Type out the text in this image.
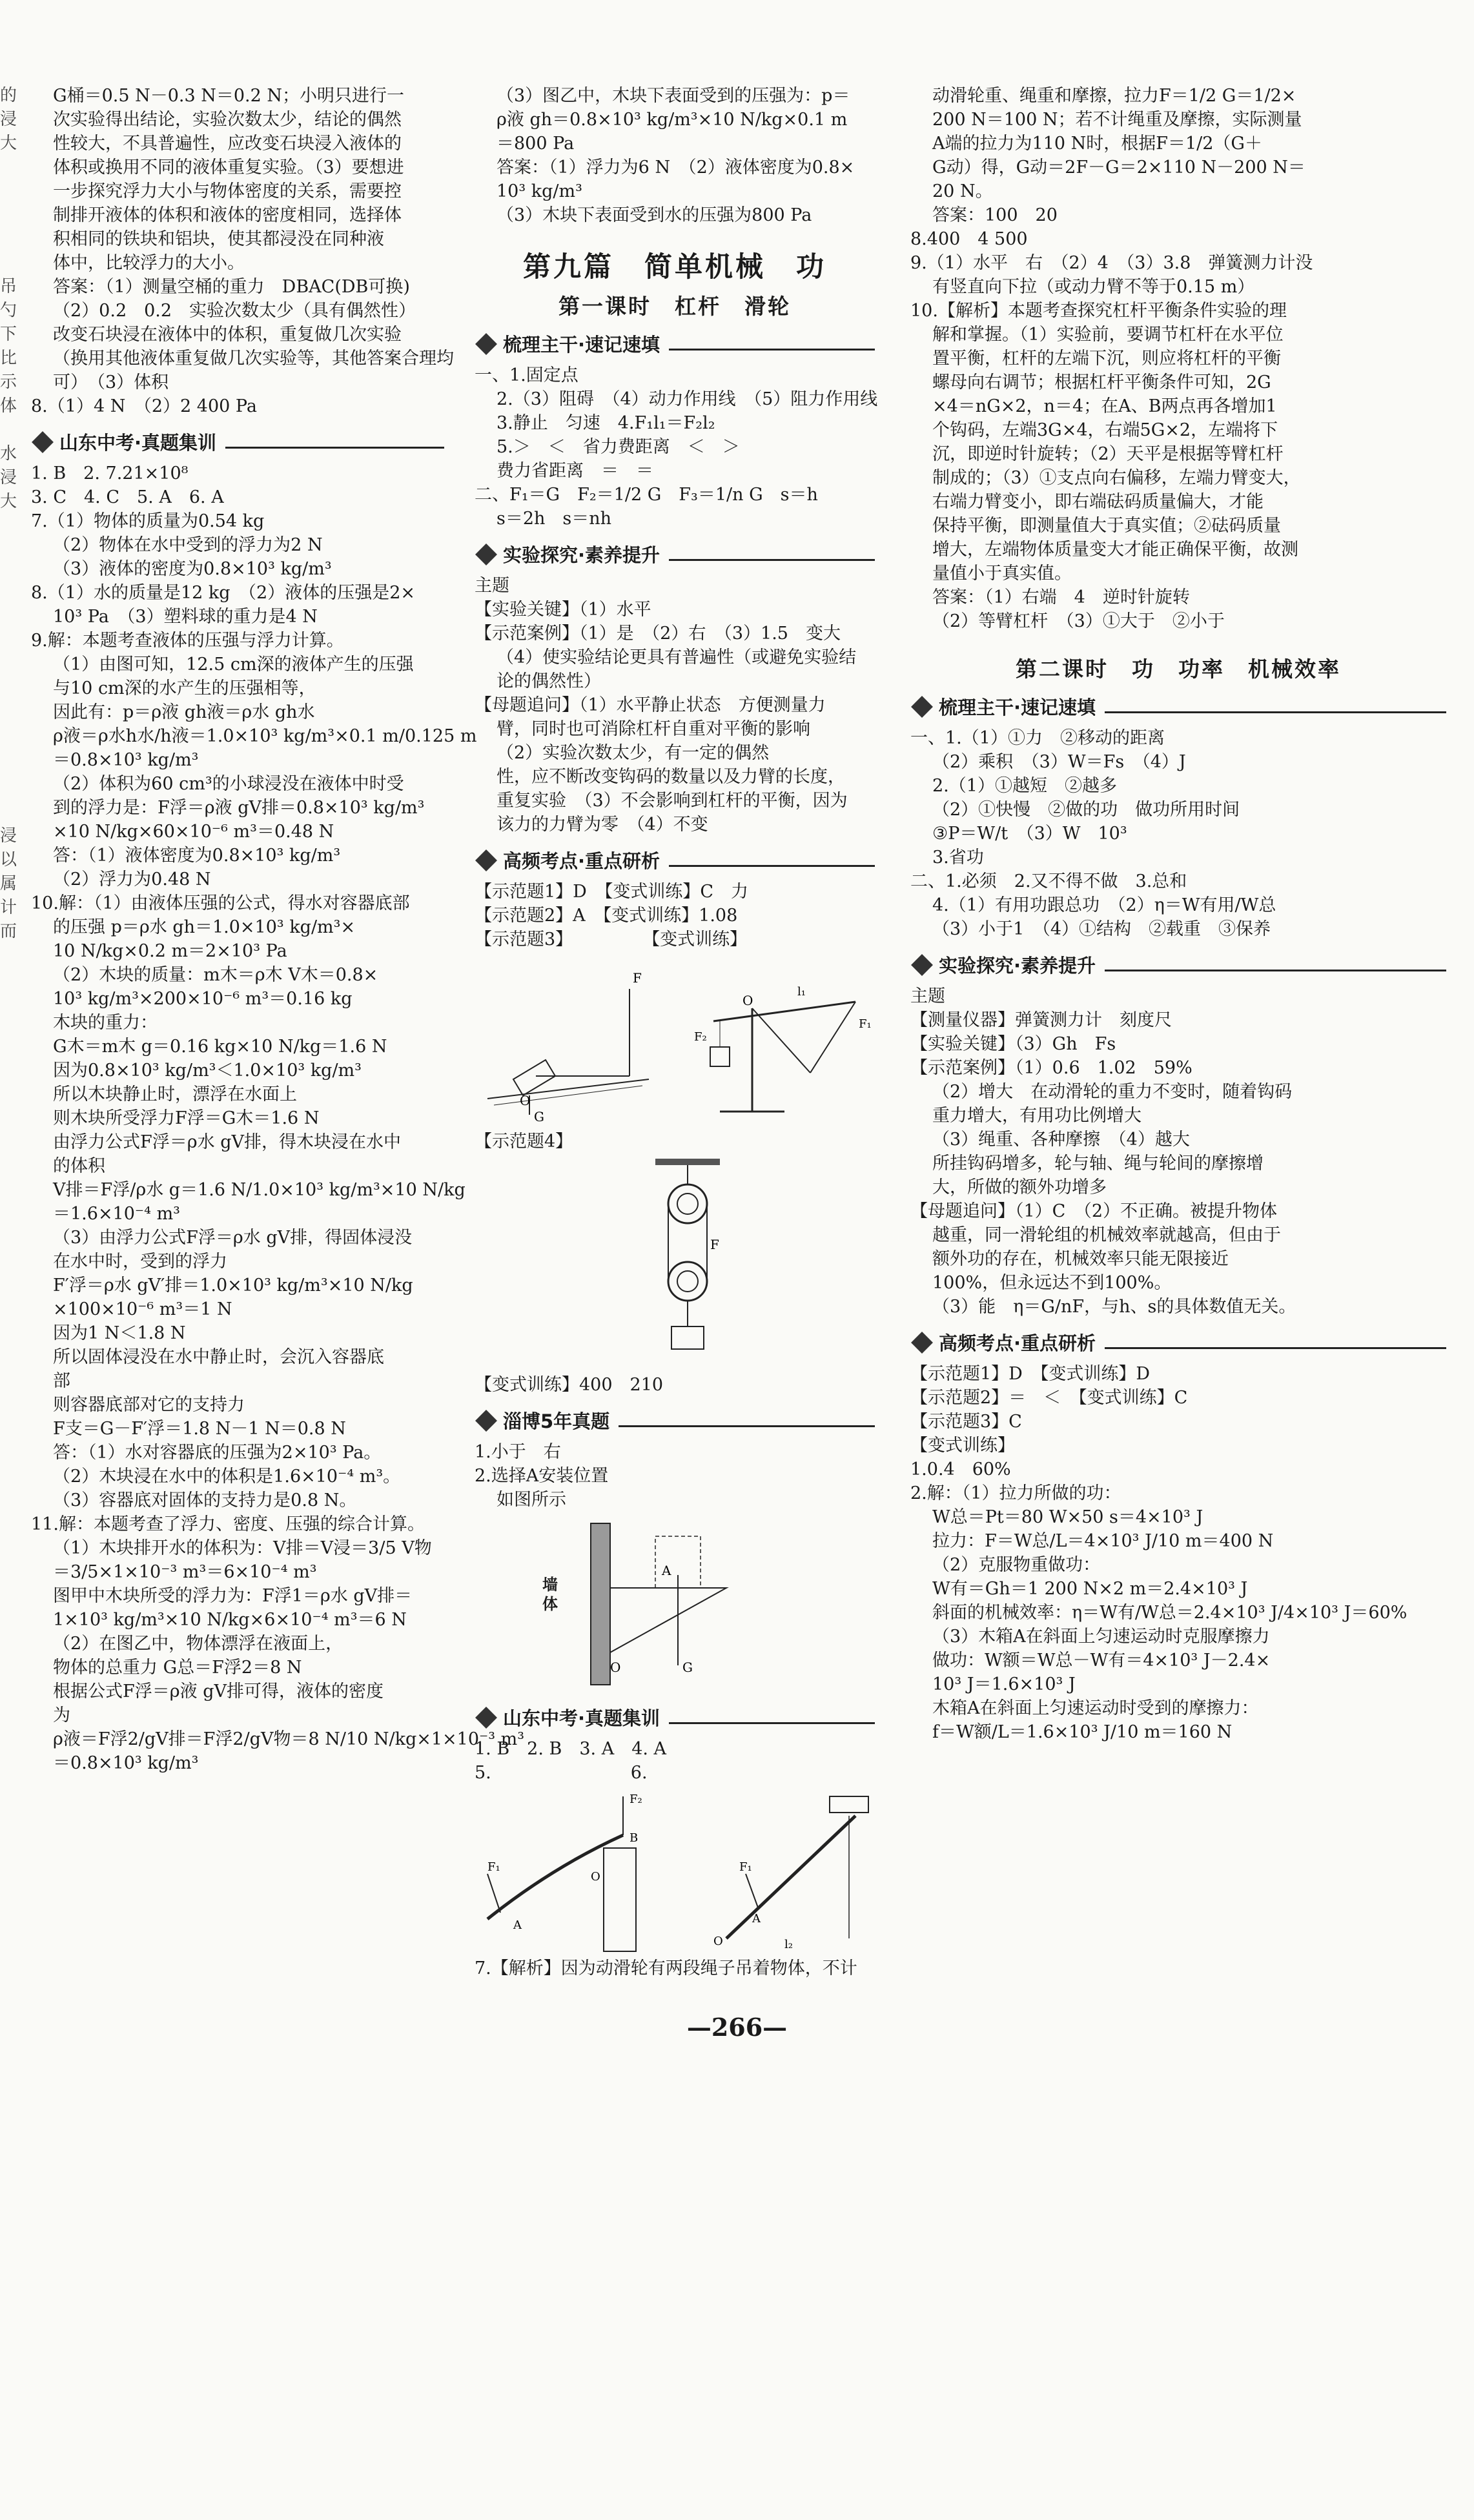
的
浸
大
吊
勺
下
比
示
体
水
浸
大
浸
以
属
计
而
G桶＝0.5 N－0.3 N＝0.2 N；小明只进行一
次实验得出结论，实验次数太少，结论的偶然
性较大，不具普遍性，应改变石块浸入液体的
体积或换用不同的液体重复实验。（3）要想进
一步探究浮力大小与物体密度的关系，需要控
制排开液体的体积和液体的密度相同，选择体
积相同的铁块和铝块，使其都浸没在同种液
体中，比较浮力的大小。
答案：（1）测量空桶的重力　DBAC(DB可换)
（2）0.2　0.2　实验次数太少（具有偶然性）
改变石块浸在液体中的体积，重复做几次实验
（换用其他液体重复做几次实验等，其他答案合理均
可）　（3）体积
8.（1）4 N　（2）2 400 Pa
山东中考·真题集训
1. B　2. 7.21×10⁸
3. C　4. C　5. A　6. A
7.（1）物体的质量为0.54 kg
（2）物体在水中受到的浮力为2 N
（3）液体的密度为0.8×10³ kg/m³
8.（1）水的质量是12 kg　（2）液体的压强是2×
10³ Pa　（3）塑料球的重力是4 N
9.解：本题考查液体的压强与浮力计算。
（1）由图可知，12.5 cm深的液体产生的压强
与10 cm深的水产生的压强相等，
因此有：p＝ρ液 gh液＝ρ水 gh水
ρ液＝ρ水h水/h液＝1.0×10³ kg/m³×0.1 m/0.125 m
＝0.8×10³ kg/m³
（2）体积为60 cm³的小球浸没在液体中时受
到的浮力是：F浮＝ρ液 gV排＝0.8×10³ kg/m³
×10 N/kg×60×10⁻⁶ m³＝0.48 N
答：（1）液体密度为0.8×10³ kg/m³
（2）浮力为0.48 N
10.解：（1）由液体压强的公式，得水对容器底部
的压强 p＝ρ水 gh＝1.0×10³ kg/m³×
10 N/kg×0.2 m＝2×10³ Pa
（2）木块的质量：m木＝ρ木 V木＝0.8×
10³ kg/m³×200×10⁻⁶ m³＝0.16 kg
木块的重力：
G木＝m木 g＝0.16 kg×10 N/kg＝1.6 N
因为0.8×10³ kg/m³＜1.0×10³ kg/m³
所以木块静止时，漂浮在水面上
则木块所受浮力F浮＝G木＝1.6 N
由浮力公式F浮＝ρ水 gV排，得木块浸在水中
的体积
V排＝F浮/ρ水 g＝1.6 N/1.0×10³ kg/m³×10 N/kg
＝1.6×10⁻⁴ m³
（3）由浮力公式F浮＝ρ水 gV排，得固体浸没
在水中时，受到的浮力
F′浮＝ρ水 gV′排＝1.0×10³ kg/m³×10 N/kg
×100×10⁻⁶ m³＝1 N
因为1 N＜1.8 N
所以固体浸没在水中静止时，会沉入容器底
部
则容器底部对它的支持力
F支＝G－F′浮＝1.8 N－1 N＝0.8 N
答：（1）水对容器底的压强为2×10³ Pa。
（2）木块浸在水中的体积是1.6×10⁻⁴ m³。
（3）容器底对固体的支持力是0.8 N。
11.解：本题考查了浮力、密度、压强的综合计算。
（1）木块排开水的体积为：V排＝V浸＝3/5 V物
＝3/5×1×10⁻³ m³＝6×10⁻⁴ m³
图甲中木块所受的浮力为：F浮1＝ρ水 gV排＝
1×10³ kg/m³×10 N/kg×6×10⁻⁴ m³＝6 N
（2）在图乙中，物体漂浮在液面上，
物体的总重力 G总＝F浮2＝8 N
根据公式F浮＝ρ液 gV排可得，液体的密度
为
ρ液＝F浮2/gV排＝F浮2/gV物＝8 N/10 N/kg×1×10⁻³ m³
＝0.8×10³ kg/m³
（3）图乙中，木块下表面受到的压强为：p＝
ρ液 gh＝0.8×10³ kg/m³×10 N/kg×0.1 m
＝800 Pa
答案：（1）浮力为6 N　（2）液体密度为0.8×
10³ kg/m³
（3）木块下表面受到水的压强为800 Pa
第九篇　简单机械　功
第一课时　杠杆　滑轮
梳理主干·速记速填
一、1.固定点
2.（3）阻碍　（4）动力作用线　（5）阻力作用线
3.静止　匀速　4.F₁l₁＝F₂l₂
5.＞　＜　省力费距离　＜　＞
费力省距离　＝　＝
二、F₁＝G　F₂＝1/2 G　F₃＝1/n G　s＝h
s＝2h　s＝nh
实验探究·素养提升
主题
【实验关键】（1）水平
【示范案例】（1）是　（2）右　（3）1.5　变大
（4）使实验结论更具有普遍性（或避免实验结
论的偶然性）
【母题追问】（1）水平静止状态　方便测量力
臂，同时也可消除杠杆自重对平衡的影响
（2）实验次数太少，有一定的偶然
性，应不断改变钩码的数量以及力臂的长度，
重复实验　（3）不会影响到杠杆的平衡，因为
该力的力臂为零　（4）不变
高频考点·重点研析
【示范题1】D　【变式训练】C　力
【示范题2】A　【变式训练】1.08
【示范题3】　　　　　【变式训练】
F
O
G
O
l₁
F₁
F₂
【示范题4】
F
【变式训练】400　210
淄博5年真题
1.小于　右
2.选择A安装位置
如图所示
A
O	G
墙体
山东中考·真题集训
1. B　2. B　3. A　4. A
5.　　　　　　　　6.
F₂
B
F₁
A
O
F₁
O
A
l₂
7.【解析】因为动滑轮有两段绳子吊着物体，不计
动滑轮重、绳重和摩擦，拉力F＝1/2 G＝1/2×
200 N＝100 N；若不计绳重及摩擦，实际测量
A端的拉力为110 N时，根据F＝1/2（G＋
G动）得，G动＝2F－G＝2×110 N－200 N＝
20 N。
答案：100　20
8.400　4 500
9.（1）水平　右　（2）4　（3）3.8　弹簧测力计没
有竖直向下拉（或动力臂不等于0.15 m）
10.【解析】本题考查探究杠杆平衡条件实验的理
解和掌握。（1）实验前，要调节杠杆在水平位
置平衡，杠杆的左端下沉，则应将杠杆的平衡
螺母向右调节；根据杠杆平衡条件可知，2G
×4＝nG×2，n＝4；在A、B两点再各增加1
个钩码，左端3G×4，右端5G×2，左端将下
沉，即逆时针旋转；（2）天平是根据等臂杠杆
制成的；（3）①支点向右偏移，左端力臂变大，
右端力臂变小，即右端砝码质量偏大，才能
保持平衡，即测量值大于真实值；②砝码质量
增大，左端物体质量变大才能正确保平衡，故测
量值小于真实值。
答案：（1）右端　4　逆时针旋转
（2）等臂杠杆　（3）①大于　②小于
第二课时　功　功率　机械效率
梳理主干·速记速填
一、1.（1）①力　②移动的距离
（2）乘积　（3）W＝Fs　（4）J
2.（1）①越短　②越多
（2）①快慢　②做的功　做功所用时间
③P＝W/t　（3）W　10³
3.省功
二、1.必须　2.又不得不做　3.总和
4.（1）有用功跟总功　（2）η＝W有用/W总
（3）小于1　（4）①结构　②载重　③保养
实验探究·素养提升
主题
【测量仪器】弹簧测力计　刻度尺
【实验关键】（3）Gh　Fs
【示范案例】（1）0.6　1.02　59%
（2）增大　在动滑轮的重力不变时，随着钩码
重力增大，有用功比例增大
（3）绳重、各种摩擦　（4）越大
所挂钩码增多，轮与轴、绳与轮间的摩擦增
大，所做的额外功增多
【母题追问】（1）C　（2）不正确。被提升物体
越重，同一滑轮组的机械效率就越高，但由于
额外功的存在，机械效率只能无限接近
100%，但永远达不到100%。
（3）能　η＝G/nF，与h、s的具体数值无关。
高频考点·重点研析
【示范题1】D　【变式训练】D
【示范题2】＝　＜　【变式训练】C
【示范题3】C
【变式训练】
1.0.4　60%
2.解：（1）拉力所做的功：
W总＝Pt＝80 W×50 s＝4×10³ J
拉力：F＝W总/L＝4×10³ J/10 m＝400 N
（2）克服物重做功：
W有＝Gh＝1 200 N×2 m＝2.4×10³ J
斜面的机械效率：η＝W有/W总＝2.4×10³ J/4×10³ J＝60%
（3）木箱A在斜面上匀速运动时克服摩擦力
做功：W额＝W总－W有＝4×10³ J－2.4×
10³ J＝1.6×10³ J
木箱A在斜面上匀速运动时受到的摩擦力：
f＝W额/L＝1.6×10³ J/10 m＝160 N
—266—
